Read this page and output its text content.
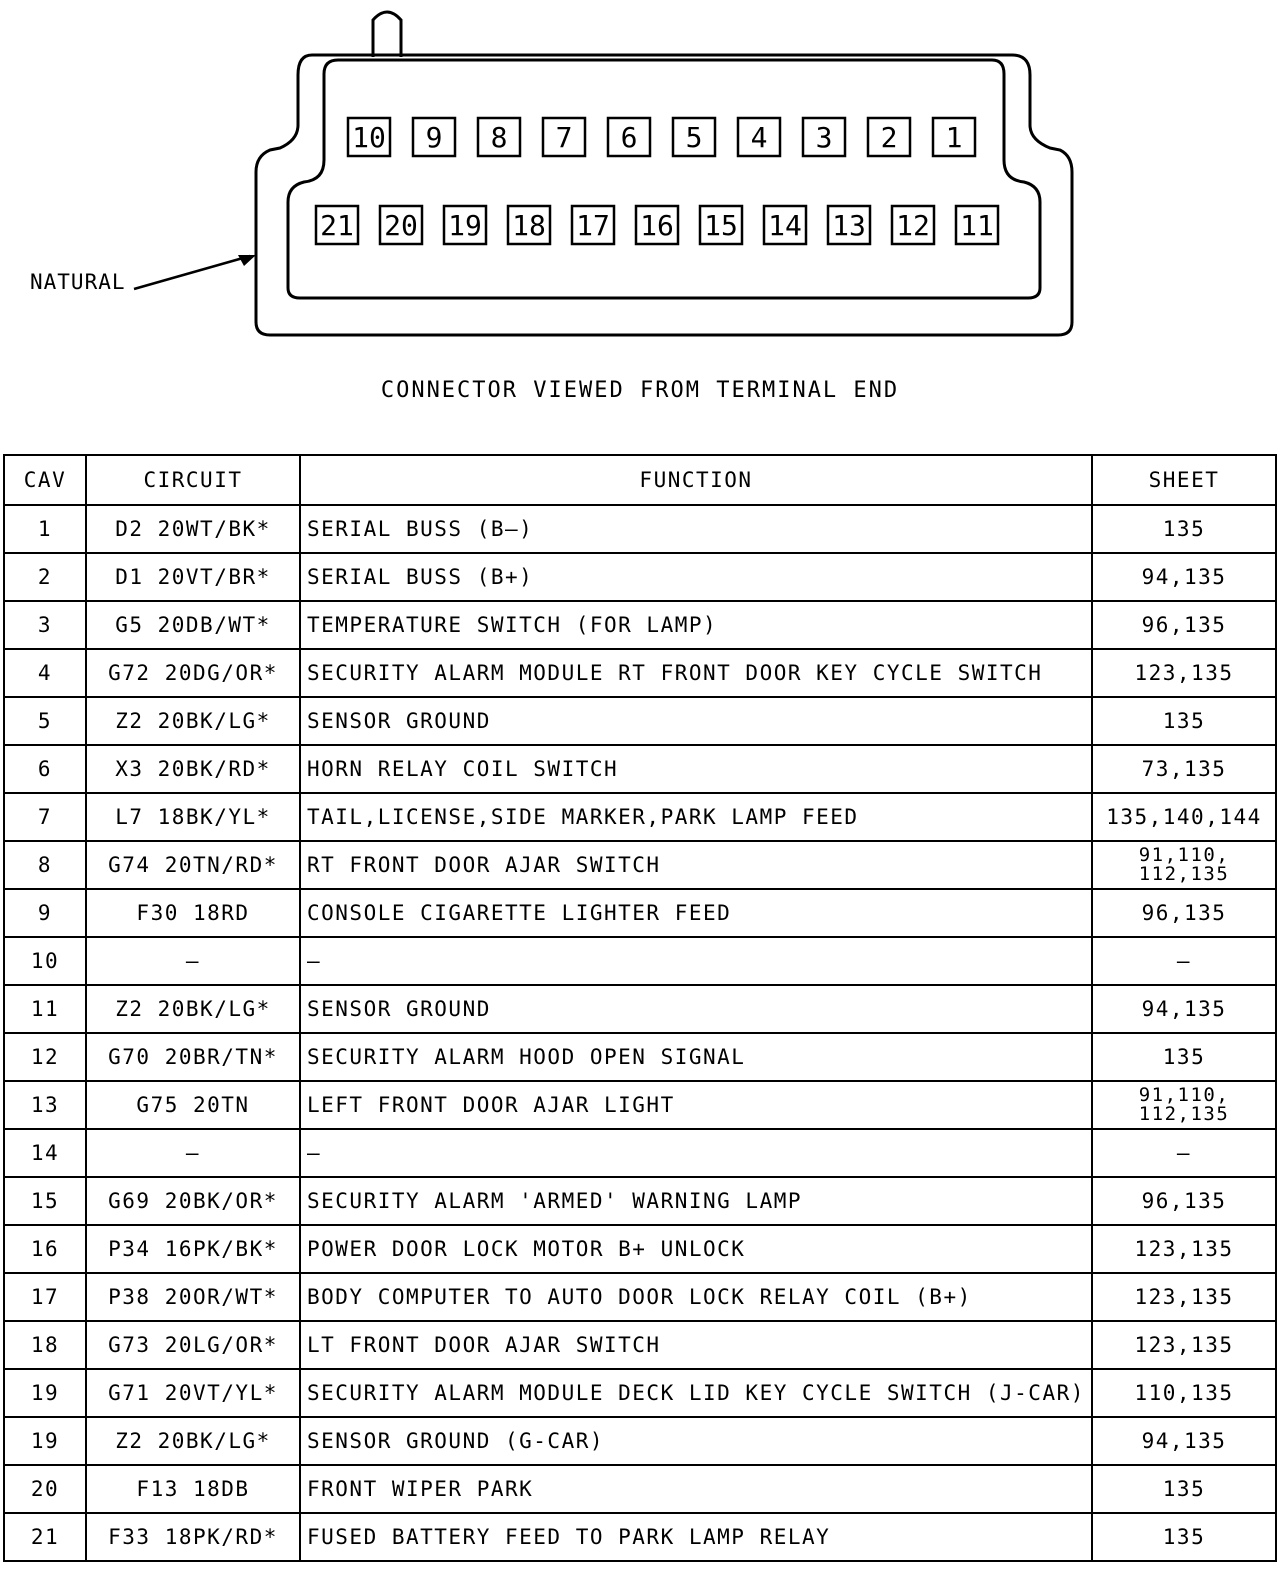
10 9 8 7 6 5 4 3 2 1
21 20 19 18 17 16 15 14 13 12 11
NATURAL
CONNECTOR VIEWED FROM TERMINAL END
CAV	CIRCUIT	FUNCTION	SHEET
1	D2 20WT/BK*	SERIAL BUSS (B—)	135
2	D1 20VT/BR*	SERIAL BUSS (B+)	94,135
3	G5 20DB/WT*	TEMPERATURE SWITCH (FOR LAMP)	96,135
4	G72 20DG/OR*	SECURITY ALARM MODULE RT FRONT DOOR KEY CYCLE SWITCH	123,135
5	Z2 20BK/LG*	SENSOR GROUND	135
6	X3 20BK/RD*	HORN RELAY COIL SWITCH	73,135
7	L7 18BK/YL*	TAIL,LICENSE,SIDE MARKER,PARK LAMP FEED	135,140,144
8	G74 20TN/RD*	RT FRONT DOOR AJAR SWITCH	91,110, 112,135
9	F30 18RD	CONSOLE CIGARETTE LIGHTER FEED	96,135
10	—	—	—
11	Z2 20BK/LG*	SENSOR GROUND	94,135
12	G70 20BR/TN*	SECURITY ALARM HOOD OPEN SIGNAL	135
13	G75 20TN	LEFT FRONT DOOR AJAR LIGHT	91,110, 112,135
14	—	—	—
15	G69 20BK/OR*	SECURITY ALARM 'ARMED' WARNING LAMP	96,135
16	P34 16PK/BK*	POWER DOOR LOCK MOTOR B+ UNLOCK	123,135
17	P38 20OR/WT*	BODY COMPUTER TO AUTO DOOR LOCK RELAY COIL (B+)	123,135
18	G73 20LG/OR*	LT FRONT DOOR AJAR SWITCH	123,135
19	G71 20VT/YL*	SECURITY ALARM MODULE DECK LID KEY CYCLE SWITCH (J-CAR)	110,135
19	Z2 20BK/LG*	SENSOR GROUND (G-CAR)	94,135
20	F13 18DB	FRONT WIPER PARK	135
21	F33 18PK/RD*	FUSED BATTERY FEED TO PARK LAMP RELAY	135
